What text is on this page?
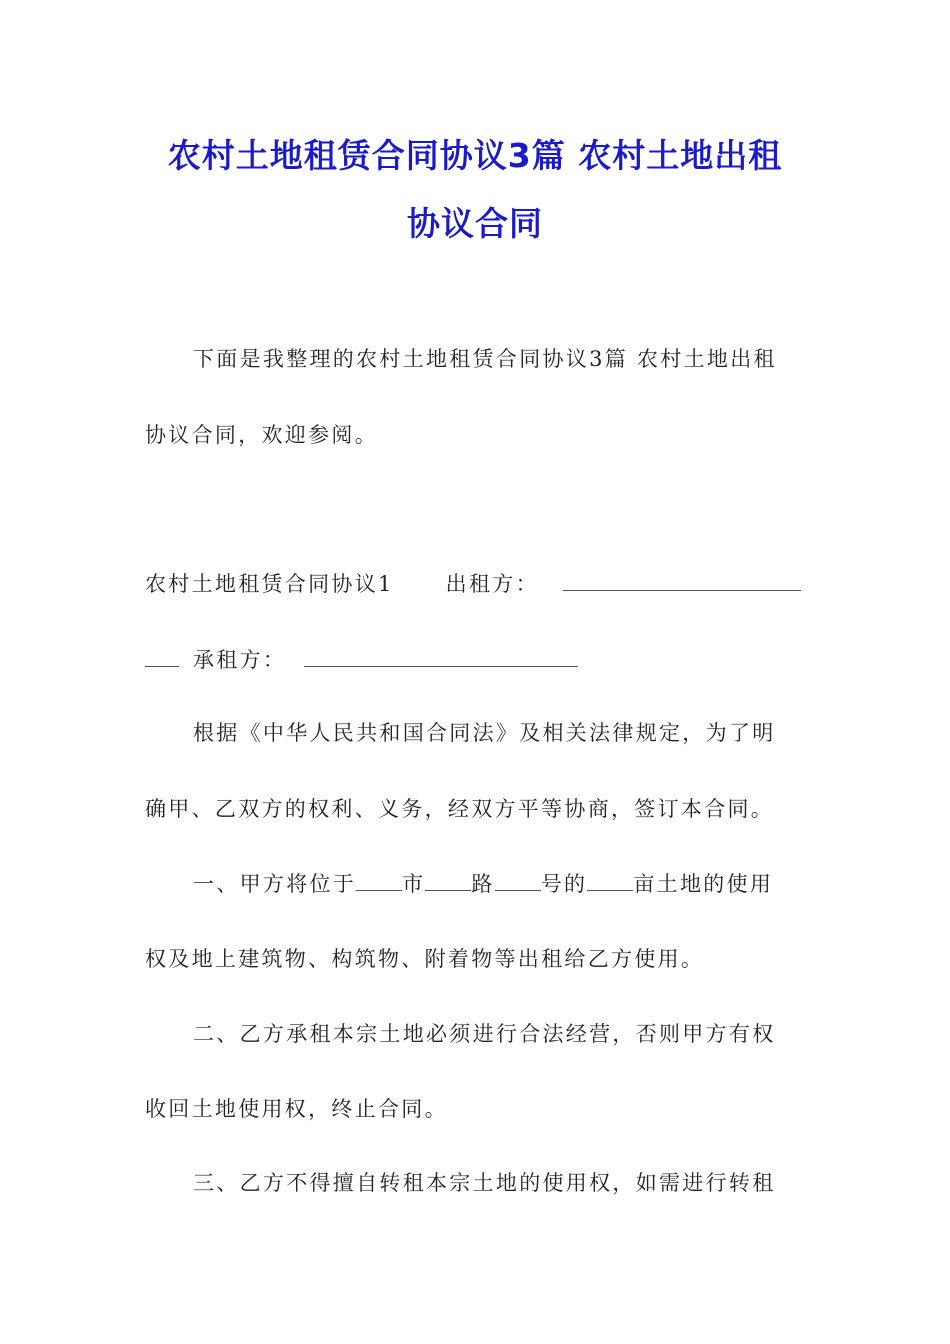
农村土地租赁合同协议3篇 农村土地出租
协议合同

下面是我整理的农村土地租赁合同协议3篇 农村土地出租

协议合同，欢迎参阅。

农村土地租赁合同协议1 出租方：

承租方：

根据《中华人民共和国合同法》及相关法律规定，为了明

确甲、乙双方的权利、义务，经双方平等协商，签订本合同。

一、甲方将位于 市 路 号的 亩土地的使用

权及地上建筑物、构筑物、附着物等出租给乙方使用。

二、乙方承租本宗土地必须进行合法经营，否则甲方有权

收回土地使用权，终止合同。

三、乙方不得擅自转租本宗土地的使用权，如需进行转租
